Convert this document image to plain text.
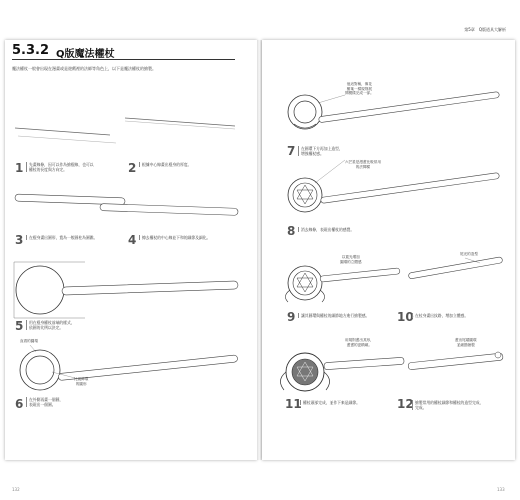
5.3.2 Q版魔法權杖
魔法權杖一般會出現在漫畫或是遊戲裡的法師等角色上，以下是魔法權杖的繪製。
132
1	先畫線條，因可以作為繪棍線，也可以
權杖的長度與方向定。	2	根據中心線畫出棍身的厚度。
3	在棍身畫出圓形，寬為一般圓柱為圓錐。	4	擦去權杖的中心線並下和的細節及細化。
5	用在棍身權杖前端的樣式，
依圓的比例以決定。
6	在外側再畫一個圓，
表現出一個圓。
直看的圓環
比裝飾環
的圓形
第5章　Q版道具大解析
133
7	在圓環下方再加上造型，
增強權杖感。
8	消去線條，表現出權杖的感覺。
9	讓其圓環與權杖的細節地方進行繪製感。	10 在杖身畫出紋路，增加立體感。
11 權杖頭部完成，並作下來是細節。	12 繪製常用的權杖細節和權杖的造型完成，
完成。
他這對稱，像花
樹葉一樣規則展
開模樣完成一部。
六芒星是漫畫比較常用
的法陣樣
以寬光增加
圓環的立體感
尾光的造型
用規則畫出其形，
畫畫的更精緻。
畫出尾端圓環
並細節繪製
